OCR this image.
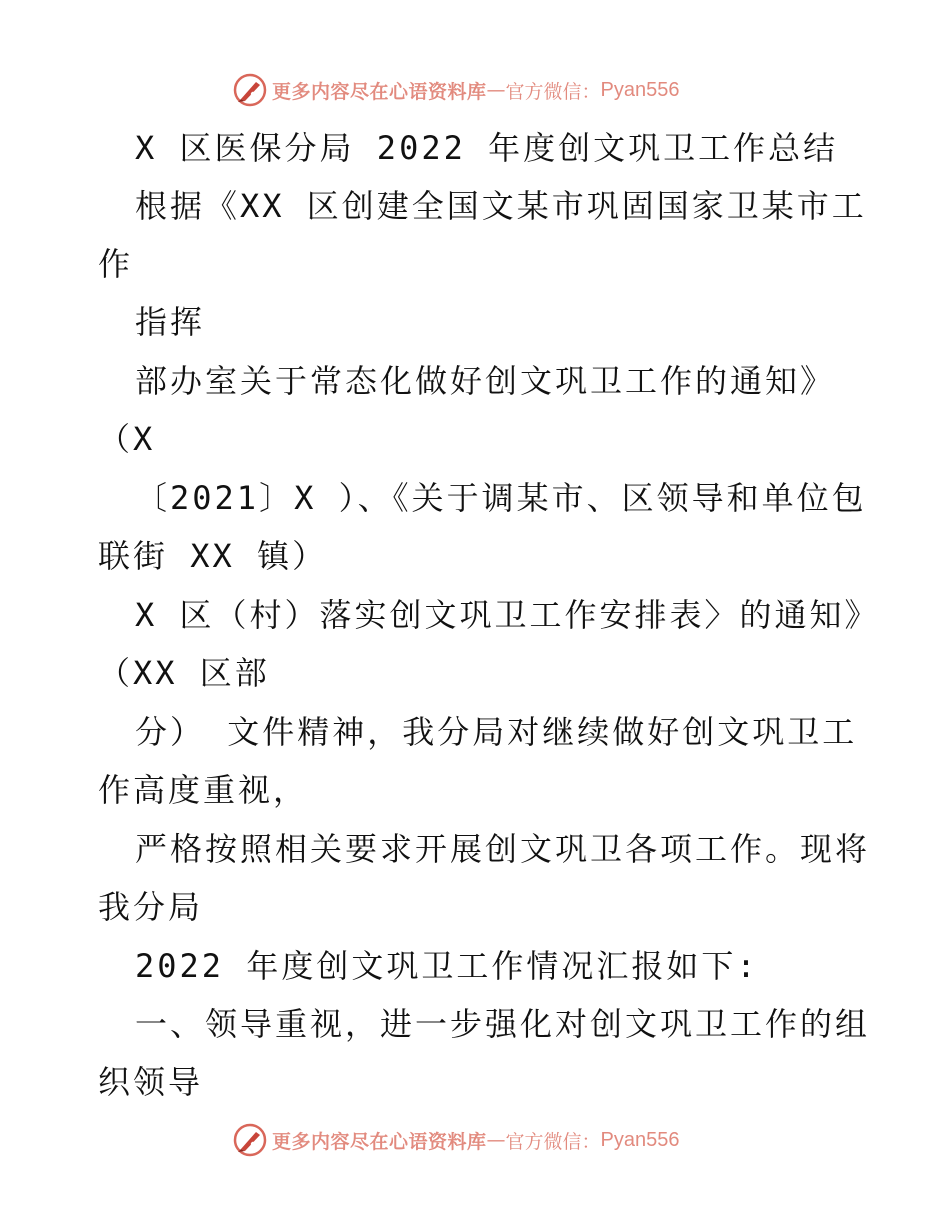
更多内容尽在心语资料库 — 官方微信： Pyan556

X 区医保分局 2022 年度创文巩卫工作总结

根据《XX 区创建全国文某市巩固国家卫某市工

作

指挥

部办室关于常态化做好创文巩卫工作的通知》

（X

〔2021〕X ）、《关于调某市、区领导和单位包

联街 XX 镇）

X 区（村）落实创文巩卫工作安排表〉的通知》

（XX 区部

分） 文件精神，我分局对继续做好创文巩卫工

作高度重视，

严格按照相关要求开展创文巩卫各项工作。现将

我分局

2022 年度创文巩卫工作情况汇报如下:

一、领导重视，进一步强化对创文巩卫工作的组

织领导

更多内容尽在心语资料库 — 官方微信： Pyan556
